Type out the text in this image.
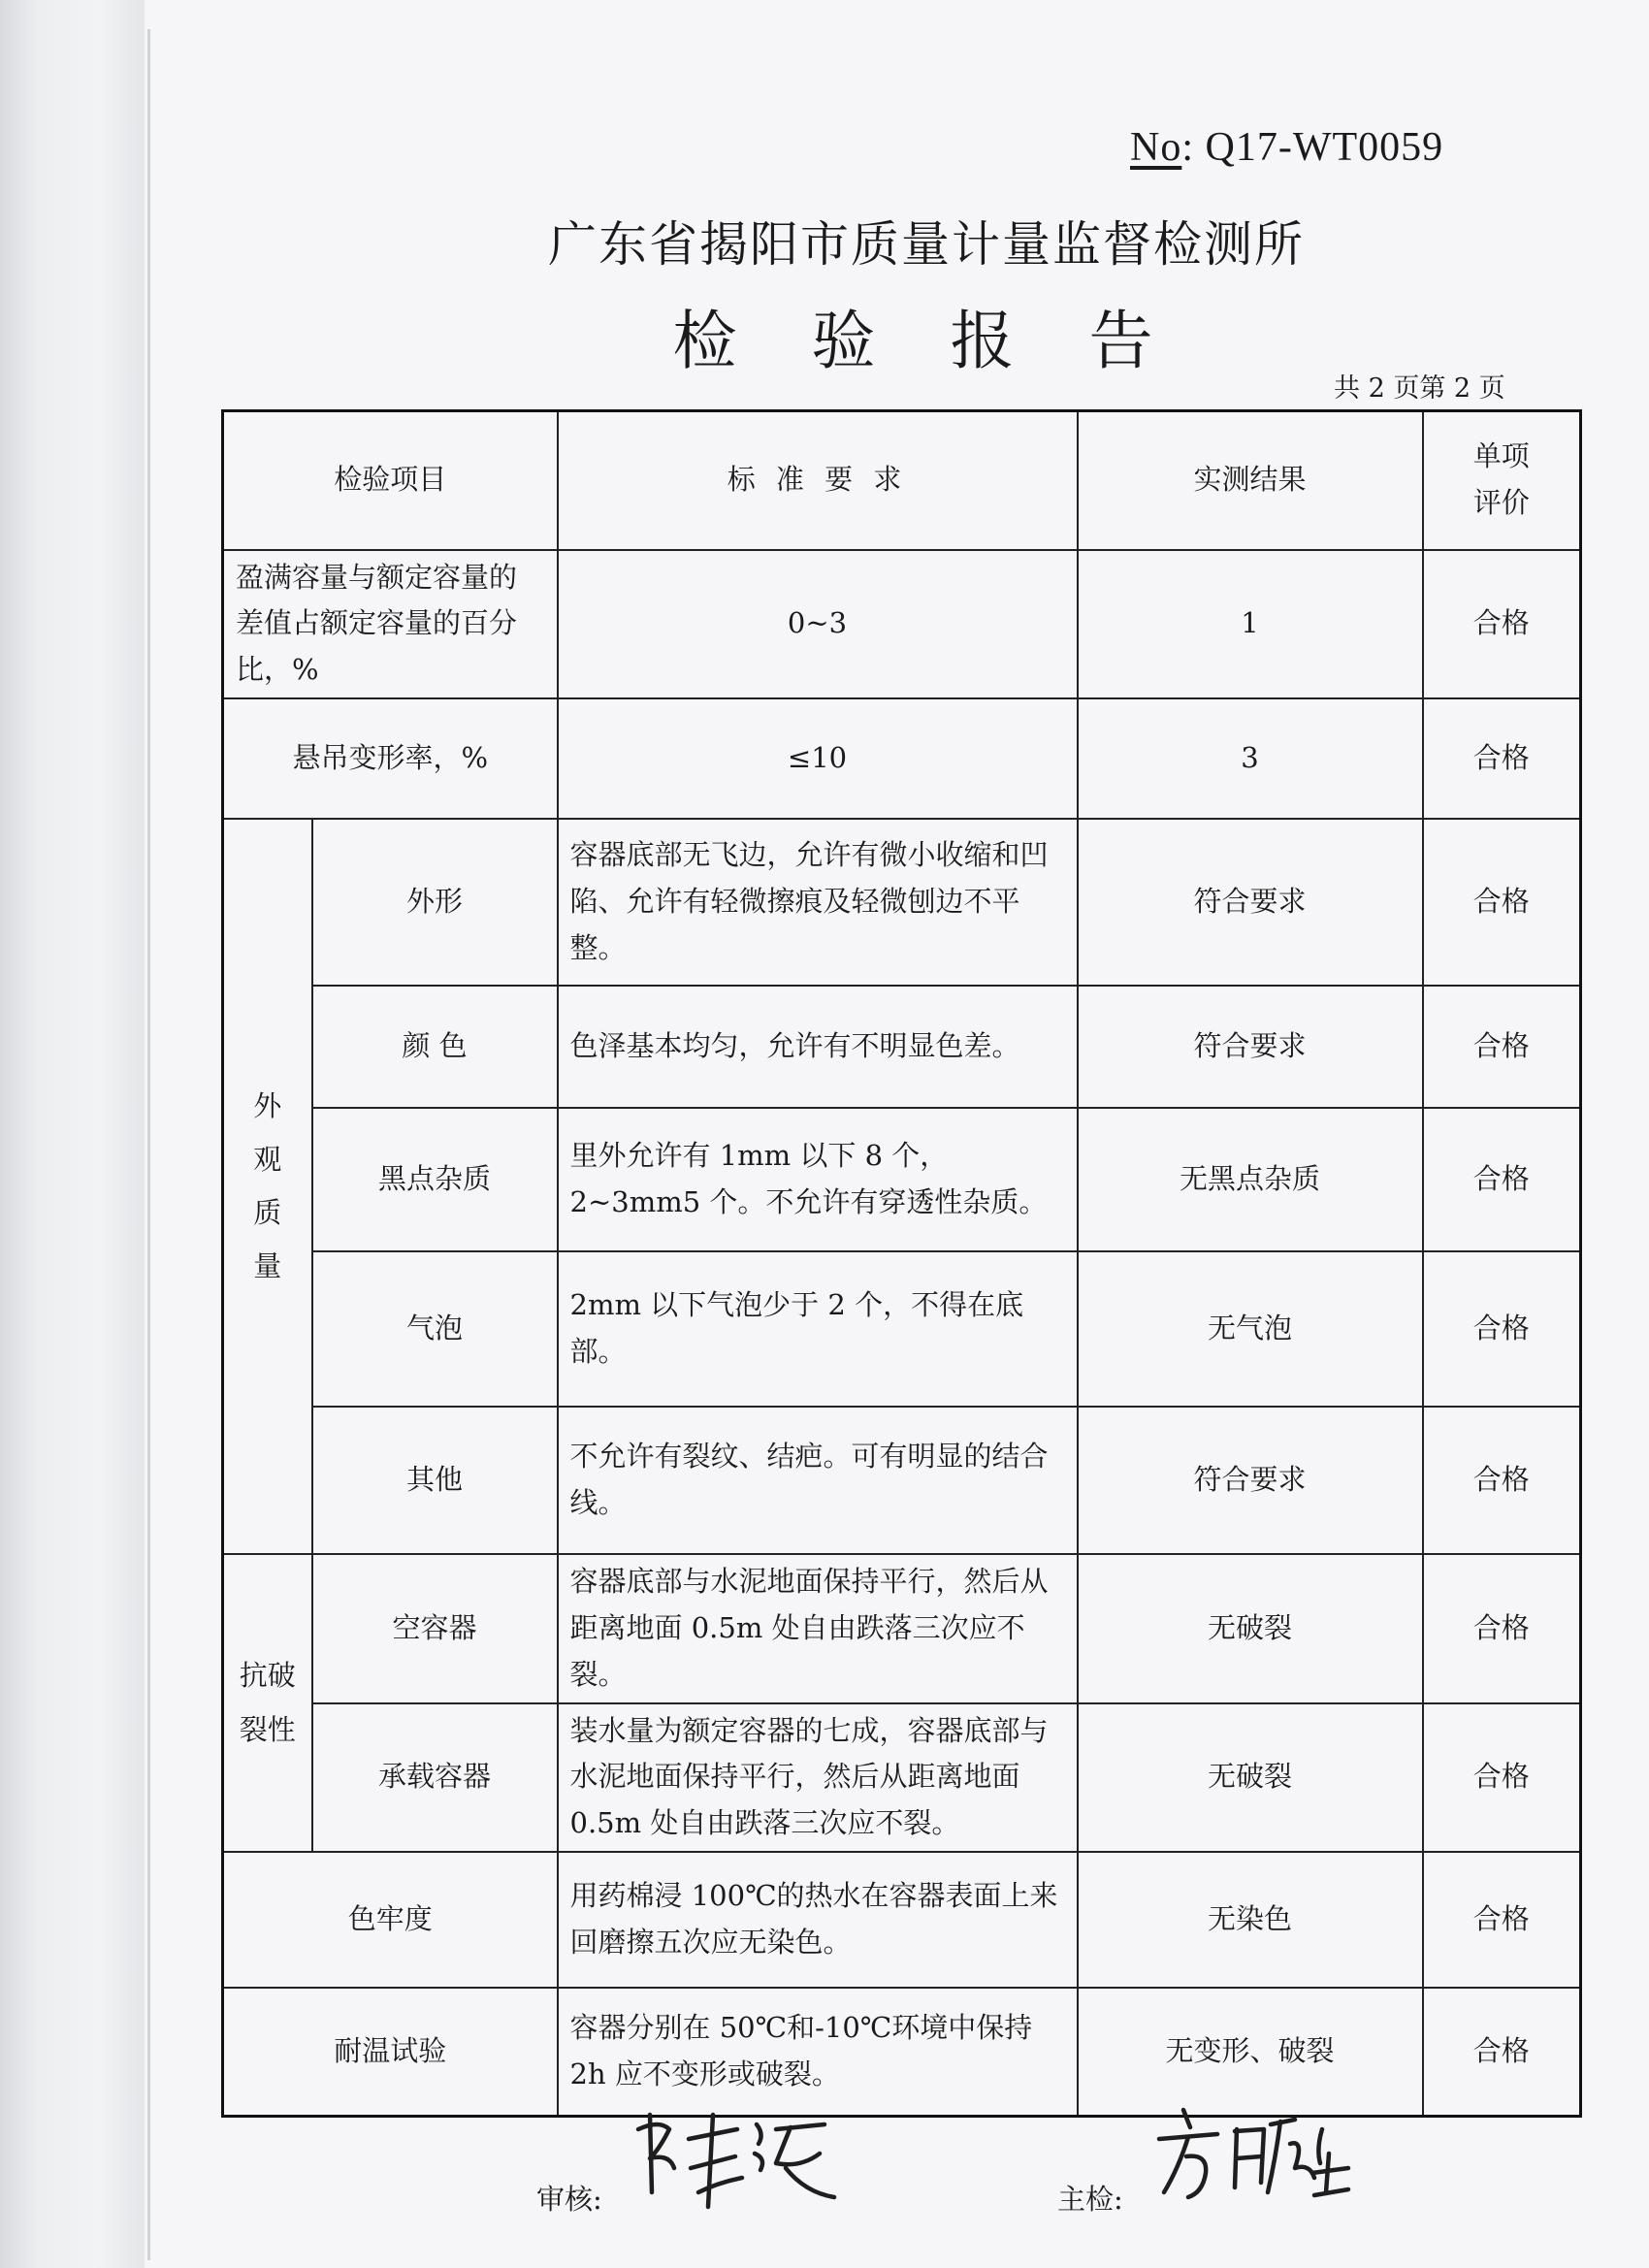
No: Q17-WT0059
广东省揭阳市质量计量监督检测所
检 验 报 告
共 2 页第 2 页
检验项目		标 准 要 求	实测结果	单项
评价
盈满容量与额定容量的差值占额定容量的百分比，%		0~3	1	合格
悬吊变形率，%		≤10	3	合格
外
观
质
量	外形	容器底部无飞边，允许有微小收缩和凹陷、允许有轻微擦痕及轻微刨边不平整。	符合要求	合格
	颜 色	色泽基本均匀，允许有不明显色差。	符合要求	合格
	黑点杂质	里外允许有 1mm 以下 8 个，2~3mm5 个。不允许有穿透性杂质。	无黑点杂质	合格
	气泡	2mm 以下气泡少于 2 个，不得在底部。	无气泡	合格
	其他	不允许有裂纹、结疤。可有明显的结合线。	符合要求	合格
抗破
裂性	空容器	容器底部与水泥地面保持平行，然后从距离地面 0.5m 处自由跌落三次应不裂。	无破裂	合格
	承载容器	装水量为额定容器的七成，容器底部与水泥地面保持平行，然后从距离地面 0.5m 处自由跌落三次应不裂。	无破裂	合格
色牢度		用药棉浸 100℃的热水在容器表面上来回磨擦五次应无染色。	无染色	合格
耐温试验		容器分别在 50℃和-10℃环境中保持 2h 应不变形或破裂。	无变形、破裂	合格
审核:	主检:
